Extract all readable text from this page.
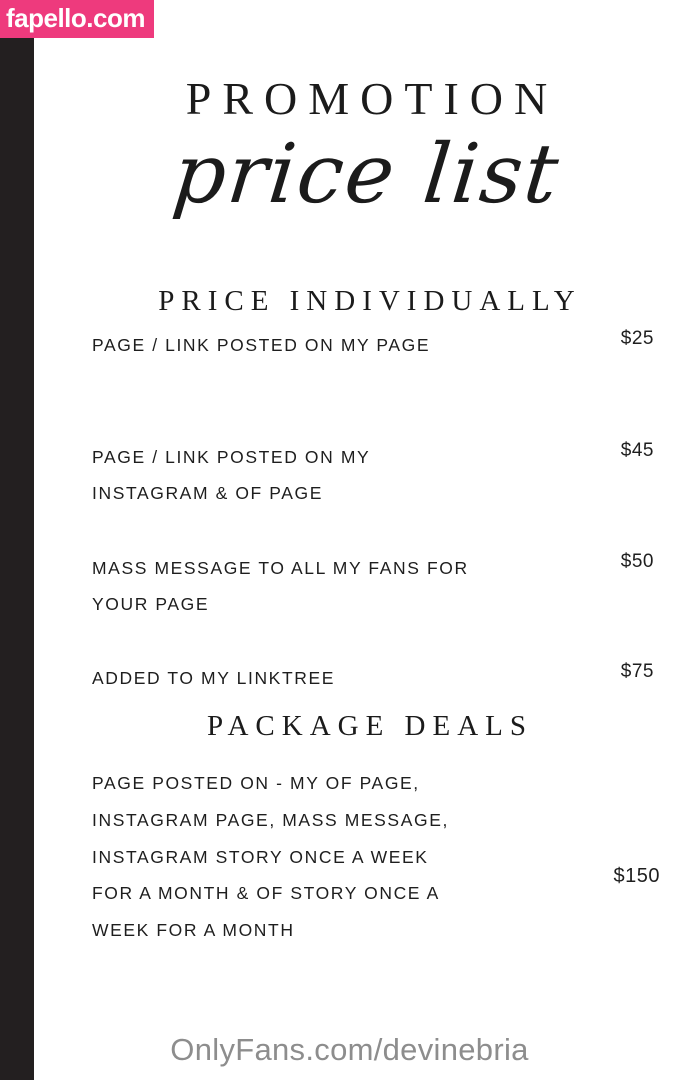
PROMOTION
price list
PRICE INDIVIDUALLY
PAGE / LINK POSTED ON MY PAGE	$25
PAGE / LINK POSTED ON MY INSTAGRAM & OF PAGE
$45
MASS MESSAGE TO ALL MY FANS FOR YOUR PAGE
$50
ADDED TO MY LINKTREE	$75
PACKAGE DEALS
PAGE POSTED ON - MY OF PAGE, INSTAGRAM PAGE, MASS MESSAGE, INSTAGRAM STORY ONCE A WEEK FOR A MONTH & OF STORY ONCE A WEEK FOR A MONTH
$150
fapello.com
OnlyFans.com/devinebria
